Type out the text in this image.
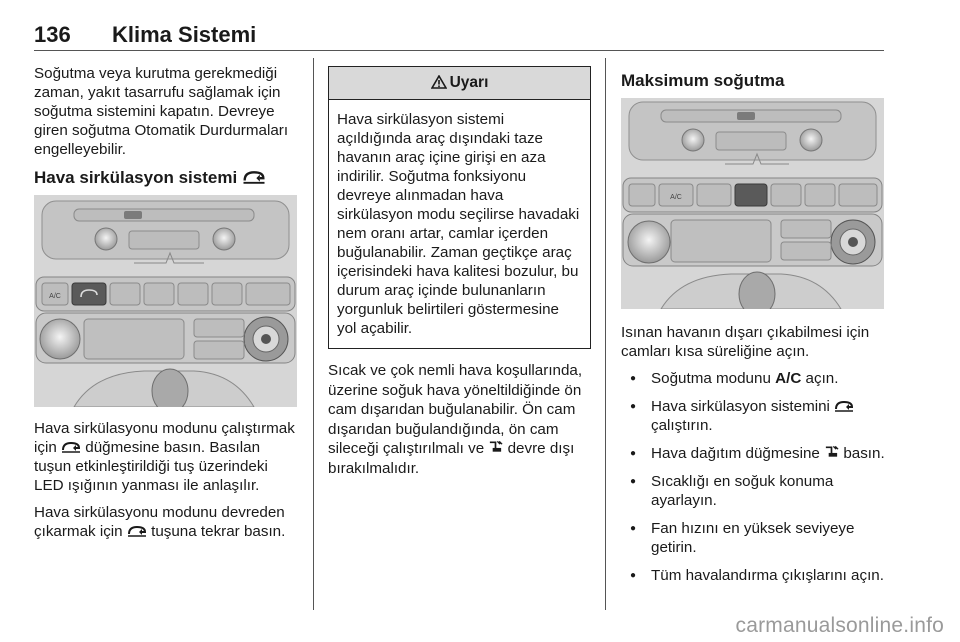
136 Klima Sistemi

Soğutma veya kurutma gerekmediği zaman, yakıt tasarrufu sağlamak için soğutma sistemini kapatın. Devreye giren soğutma Otomatik Durdurmaları engelleyebilir.

Hava sirkülasyon sistemi
A/C

Hava sirkülasyonu modunu çalıştırmak için düğmesine basın. Basılan tuşun etkinleştirildiği tuş üzerindeki LED ışığının yanması ile anlaşılır.

Hava sirkülasyonu modunu devreden çıkarmak için tuşuna tekrar basın.

Uyarı
Hava sirkülasyon sistemi açıldığında araç dışındaki taze havanın araç içine girişi en aza indirilir. Soğutma fonksiyonu devreye alınmadan hava sirkülasyon modu seçilirse havadaki nem oranı artar, camlar içerden buğulanabilir. Zaman geçtikçe araç içerisindeki hava kalitesi bozulur, bu durum araç içinde bulunanların yorgunluk belirtileri göstermesine yol açabilir.

Sıcak ve çok nemli hava koşullarında, üzerine soğuk hava yöneltildiğinde ön cam dışarıdan buğulanabilir. Ön cam dışarıdan buğulandığında, ön cam sileceği çalıştırılmalı ve devre dışı bırakılmalıdır.

Maksimum soğutma
A/C

Isınan havanın dışarı çıkabilmesi için camları kısa süreliğine açın.

● Soğutma modunu A/C açın.
● Hava sirkülasyon sistemini  çalıştırın.
● Hava dağıtım düğmesine basın.
● Sıcaklığı en soğuk konuma ayarlayın.
● Fan hızını en yüksek seviyeye getirin.
● Tüm havalandırma çıkışlarını açın.
carmanualsonline.info
